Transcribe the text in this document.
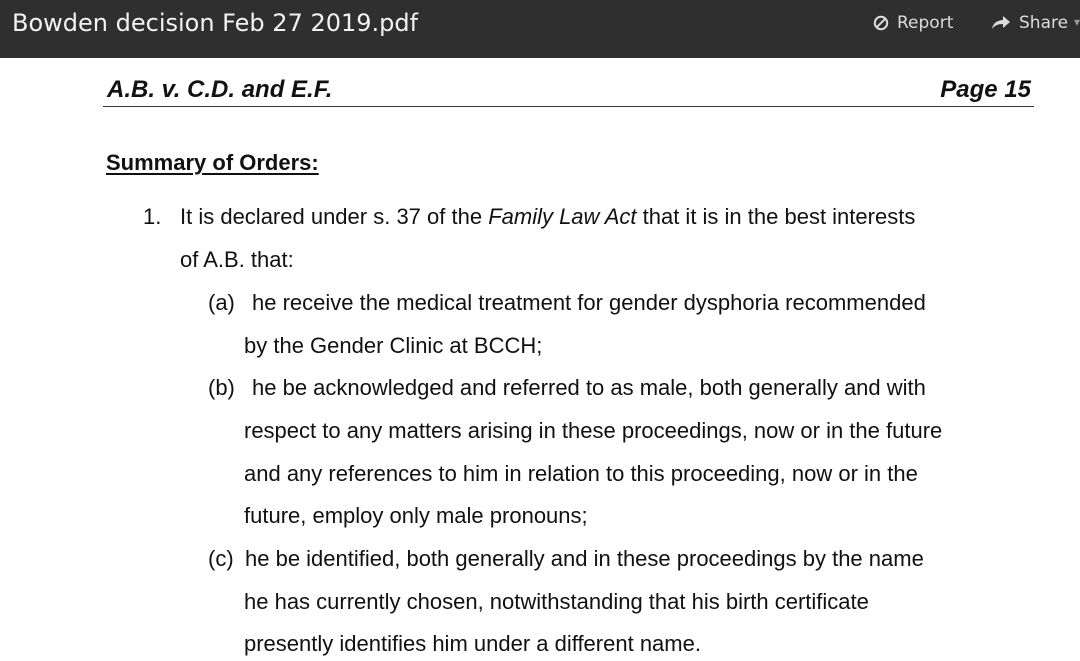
Bowden decision Feb 27 2019.pdf	Report	Share ▾
A.B. v. C.D. and E.F.	Page 15
Summary of Orders:
1. It is declared under s. 37 of the Family Law Act that it is in the best interests
of A.B. that:
(a) he receive the medical treatment for gender dysphoria recommended
by the Gender Clinic at BCCH;
(b) he be acknowledged and referred to as male, both generally and with
respect to any matters arising in these proceedings, now or in the future
and any references to him in relation to this proceeding, now or in the
future, employ only male pronouns;
(c) he be identified, both generally and in these proceedings by the name
he has currently chosen, notwithstanding that his birth certificate
presently identifies him under a different name.
